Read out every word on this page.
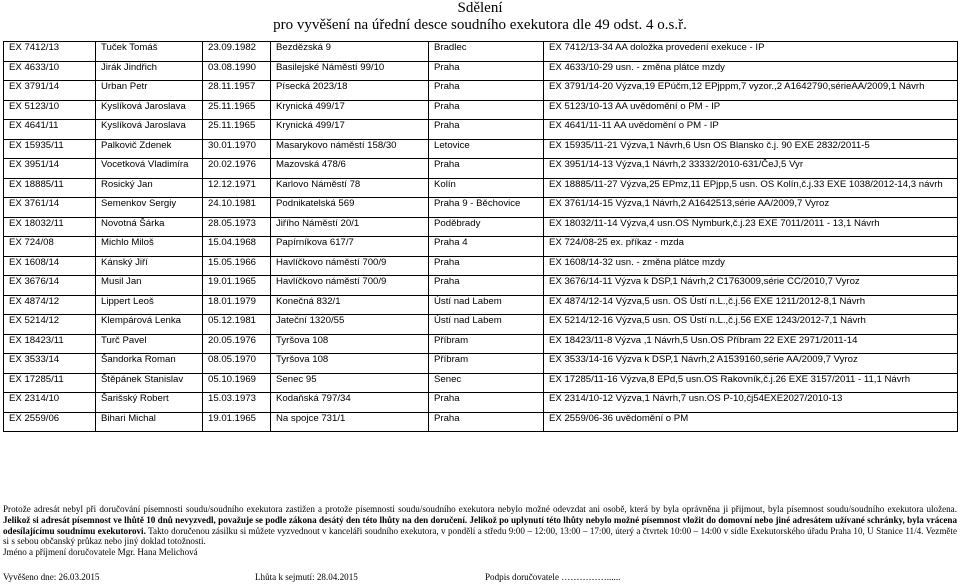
Sdělení
pro vyvěšení na úřední desce soudního exekutora dle 49 odst. 4 o.s.ř.
EX 7412/13	Tuček Tomáš	23.09.1982	Bezdězská 9	Bradlec	EX 7412/13-34 AA doložka provedení exekuce - IP
EX 4633/10	Jirák Jindřich	03.08.1990	Basilejské Náměstí 99/10	Praha	EX 4633/10-29 usn. - změna plátce mzdy
EX 3791/14	Urban Petr	28.11.1957	Písecká 2023/18	Praha	EX 3791/14-20 Výzva,19 EPúčm,12 EPjppm,7 vyzor.,2 A1642790,sérieAA/2009,1 Návrh
EX 5123/10	Kyslíková Jaroslava	25.11.1965	Krynická 499/17	Praha	EX 5123/10-13 AA uvědomění o PM - IP
EX 4641/11	Kyslíková Jaroslava	25.11.1965	Krynická 499/17	Praha	EX 4641/11-11 AA uvědomění o PM - IP
EX 15935/11	Palkovič Zdenek	30.01.1970	Masarykovo náměstí 158/30	Letovice	EX 15935/11-21 Výzva,1 Návrh,6 Usn OS Blansko č.j. 90 EXE 2832/2011-5
EX 3951/14	Vocetková Vladimíra	20.02.1976	Mazovská 478/6	Praha	EX 3951/14-13 Výzva,1 Návrh,2 33332/2010-631/ČeJ,5 Vyr
EX 18885/11	Rosický Jan	12.12.1971	Karlovo Náměstí 78	Kolín	EX 18885/11-27 Výzva,25 EPmz,11 EPjpp,5 usn. OS Kolín,č.j.33 EXE 1038/2012-14,3 návrh
EX 3761/14	Semenkov Sergiy	24.10.1981	Podnikatelská 569	Praha 9 - Běchovice	EX 3761/14-15 Výzva,1 Návrh,2 A1642513,série AA/2009,7 Vyroz
EX 18032/11	Novotná Šárka	28.05.1973	Jiřího Náměstí 20/1	Poděbrady	EX 18032/11-14 Výzva,4 usn.OS Nymburk,č.j.23 EXE 7011/2011 - 13,1 Návrh
EX 724/08	Michlo Miloš	15.04.1968	Papírníkova 617/7	Praha 4	EX 724/08-25 ex. příkaz - mzda
EX 1608/14	Kánský Jiří	15.05.1966	Havlíčkovo náměstí 700/9	Praha	EX 1608/14-32 usn. - změna plátce mzdy
EX 3676/14	Musil Jan	19.01.1965	Havlíčkovo náměstí 700/9	Praha	EX 3676/14-11 Výzva k DSP,1 Návrh,2 C1763009,série CC/2010,7 Vyroz
EX 4874/12	Lippert Leoš	18.01.1979	Konečná 832/1	Ústí nad Labem	EX 4874/12-14 Výzva,5 usn. OS Ústí n.L.,č.j.56 EXE 1211/2012-8,1 Návrh
EX 5214/12	Klempárová Lenka	05.12.1981	Jateční 1320/55	Ústí nad Labem	EX 5214/12-16 Výzva,5 usn. OS Ústí n.L.,č.j.56 EXE 1243/2012-7,1 Návrh
EX 18423/11	Turč Pavel	20.05.1976	Tyršova 108	Příbram	EX 18423/11-8 Výzva ,1 Návrh,5 Usn.OS Příbram 22 EXE 2971/2011-14
EX 3533/14	Šandorka Roman	08.05.1970	Tyršova 108	Příbram	EX 3533/14-16 Výzva k DSP,1 Návrh,2 A1539160,série AA/2009,7 Vyroz
EX 17285/11	Štěpánek Stanislav	05.10.1969	Senec 95	Senec	EX 17285/11-16 Výzva,8 EPd,5 usn.OS Rakovník,č.j.26 EXE 3157/2011 - 11,1 Návrh
EX 2314/10	Šarišský Robert	15.03.1973	Kodaňská 797/34	Praha	EX 2314/10-12 Výzva,1 Návrh,7 usn.OS P-10,čj54EXE2027/2010-13
EX 2559/06	Bihari Michal	19.01.1965	Na spojce 731/1	Praha	EX 2559/06-36 uvědomění o PM
Protože adresát nebyl při doručování písemnosti soudu/soudního exekutora zastižen a protože písemnosti soudu/soudního exekutora nebylo možné odevzdat ani osobě, která by byla oprávněna ji přijmout, byla písemnost soudu/soudního exekutora uložena. Jelikož si adresát písemnost ve lhůtě 10 dnů nevyzvedl, považuje se podle zákona desátý den této lhůty na den doručení. Jelikož po uplynutí této lhůty nebylo možné písemnost vložit do domovní nebo jiné adresátem užívané schránky, byla vrácena odesílajícímu soudnímu exekutorovi. Takto doručenou zásilku si můžete vyzvednout v kanceláři soudního exekutora, v pondělí a středu 9:00 – 12:00, 13:00 – 17:00, úterý a čtvrtek 10:00 – 14:00 v sídle Exekutorského úřadu Praha 10, U Stanice 11/4. Vezměte si s sebou občanský průkaz nebo jiný doklad totožnosti.
Jméno a příjmení doručovatele Mgr. Hana Melichová
Vyvěšeno dne: 26.03.2015	Lhůta k sejmutí: 28.04.2015	Podpis doručovatele ……………......
